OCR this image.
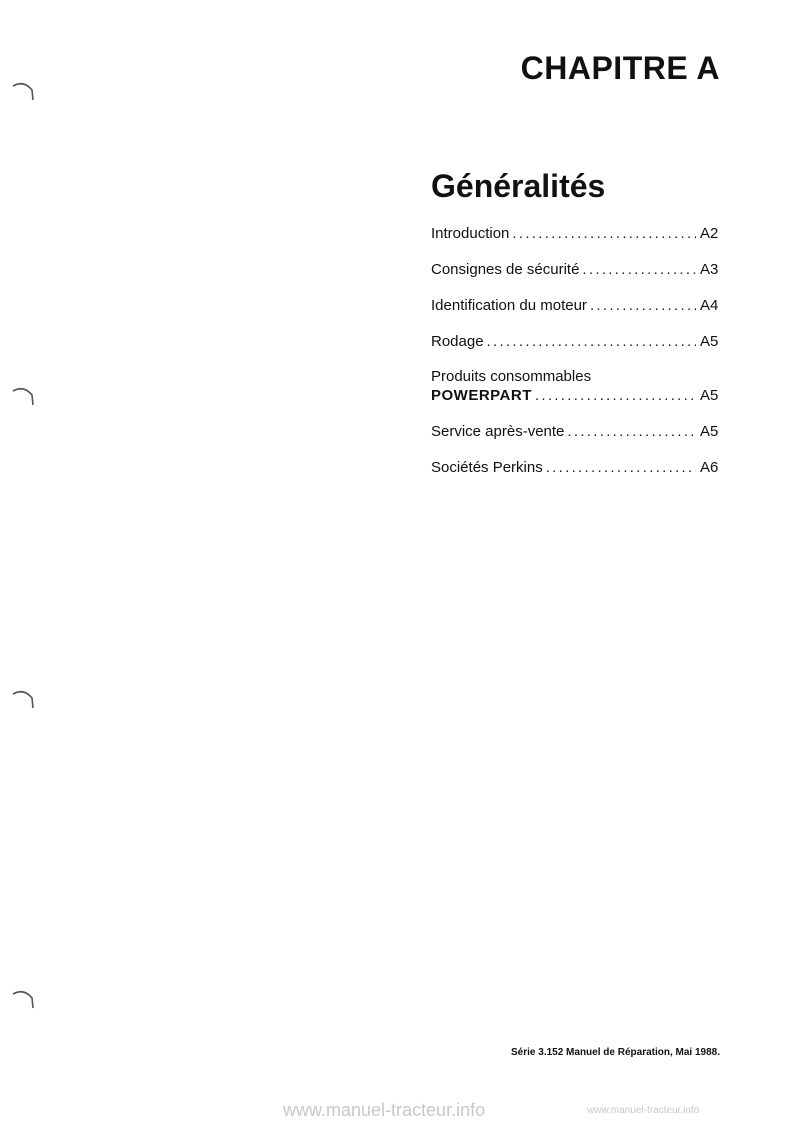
CHAPITRE A
Généralités
Introduction .....	A2
Consignes de sécurité .....	A3
Identification du moteur .....	A4
Rodage .....	A5
Produits consommables
POWERPART .....	A5
Service après-vente .....	A5
Sociétés Perkins .....	A6
Série 3.152 Manuel de Réparation, Mai 1988.
www.manuel-tracteur.info	www.manuel-tracteur.info
